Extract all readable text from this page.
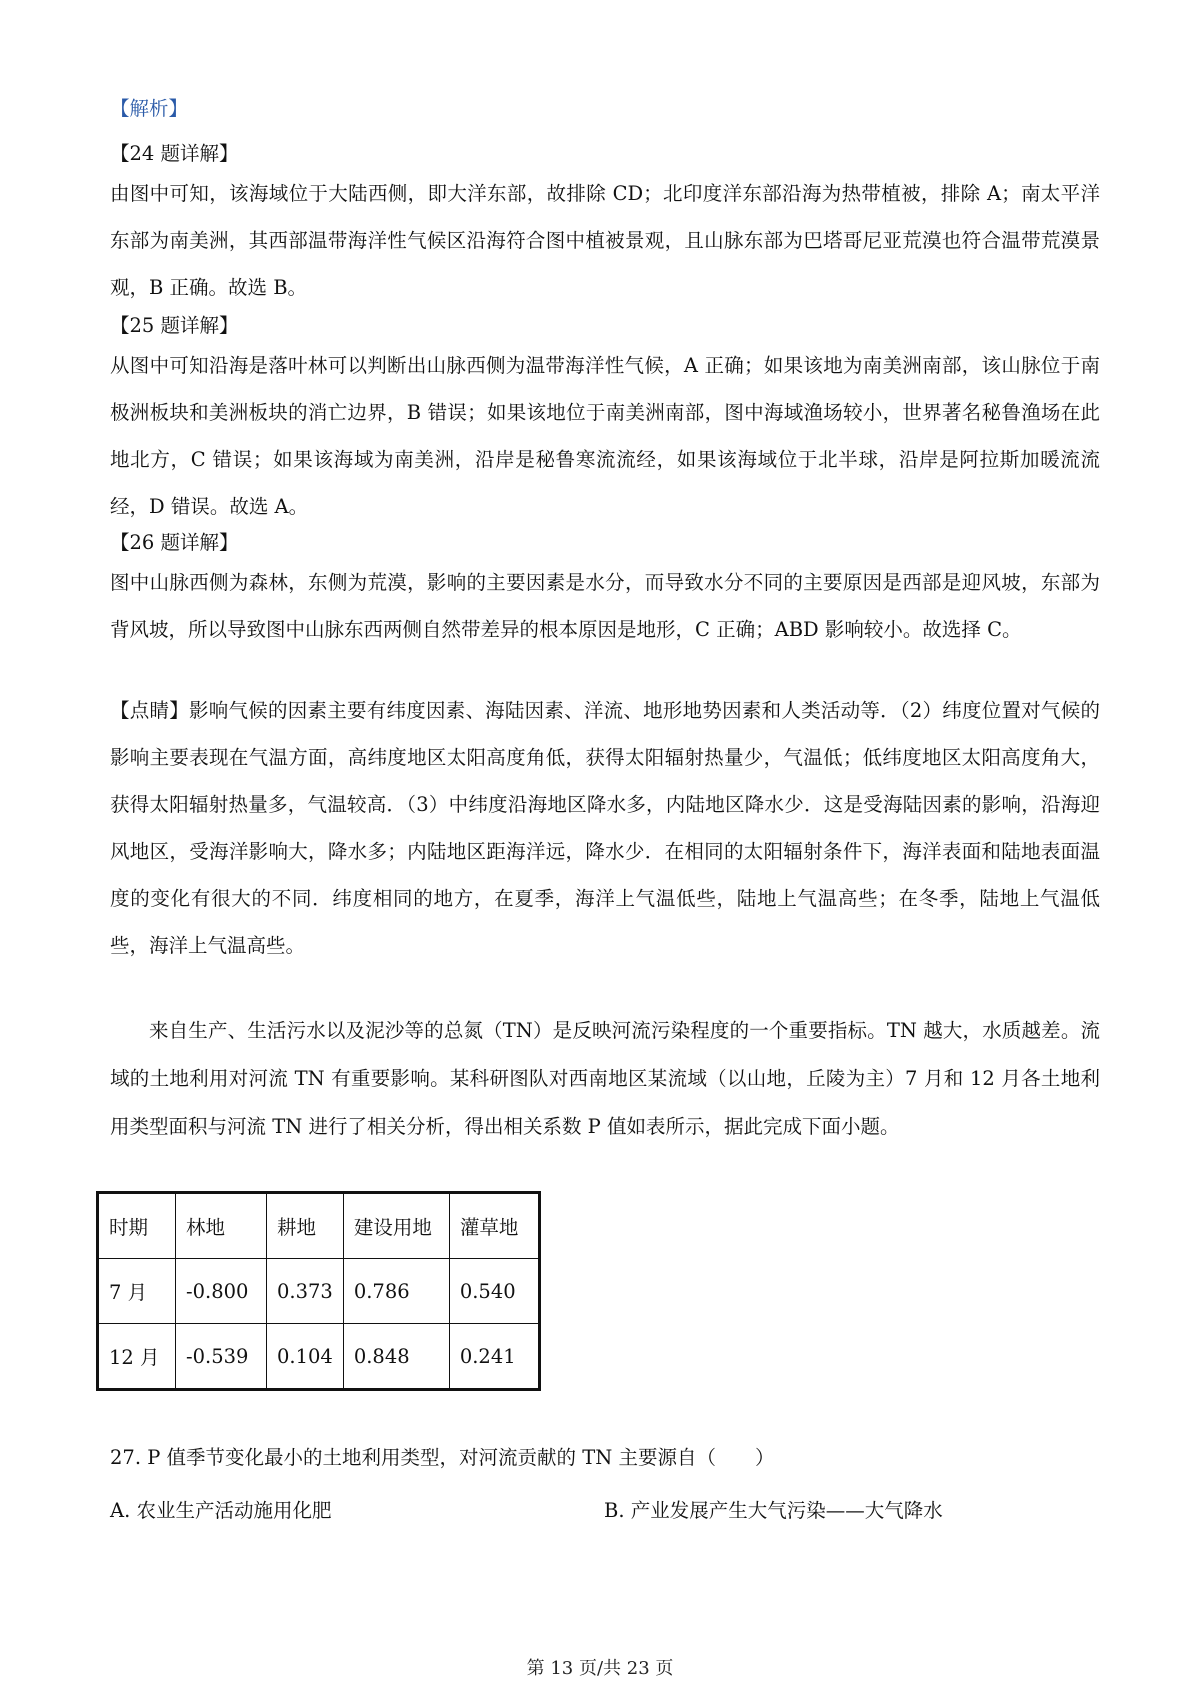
【解析】
【24 题详解】

由图中可知，该海域位于大陆西侧，即大洋东部，故排除 CD；北印度洋东部沿海为热带植被，排除 A；南太平洋东部为南美洲，其西部温带海洋性气候区沿海符合图中植被景观，且山脉东部为巴塔哥尼亚荒漠也符合温带荒漠景观，B 正确。故选 B。

【25 题详解】

从图中可知沿海是落叶林可以判断出山脉西侧为温带海洋性气候，A 正确；如果该地为南美洲南部，该山脉位于南极洲板块和美洲板块的消亡边界，B 错误；如果该地位于南美洲南部，图中海域渔场较小，世界著名秘鲁渔场在此地北方，C 错误；如果该海域为南美洲，沿岸是秘鲁寒流流经，如果该海域位于北半球，沿岸是阿拉斯加暖流流经，D 错误。故选 A。

【26 题详解】

图中山脉西侧为森林，东侧为荒漠，影响的主要因素是水分，而导致水分不同的主要原因是西部是迎风坡，东部为背风坡，所以导致图中山脉东西两侧自然带差异的根本原因是地形，C 正确；ABD 影响较小。故选择 C。

【点睛】影响气候的因素主要有纬度因素、海陆因素、洋流、地形地势因素和人类活动等．（2）纬度位置对气候的影响主要表现在气温方面，高纬度地区太阳高度角低，获得太阳辐射热量少，气温低；低纬度地区太阳高度角大，获得太阳辐射热量多，气温较高．（3）中纬度沿海地区降水多，内陆地区降水少．这是受海陆因素的影响，沿海迎风地区，受海洋影响大，降水多；内陆地区距海洋远，降水少．在相同的太阳辐射条件下，海洋表面和陆地表面温度的变化有很大的不同．纬度相同的地方，在夏季，海洋上气温低些，陆地上气温高些；在冬季，陆地上气温低些，海洋上气温高些。

来自生产、生活污水以及泥沙等的总氮（TN）是反映河流污染程度的一个重要指标。TN 越大，水质越差。流域的土地利用对河流 TN 有重要影响。某科研图队对西南地区某流域（以山地，丘陵为主）7 月和 12 月各土地利用类型面积与河流 TN 进行了相关分析，得出相关系数 P 值如表所示，据此完成下面小题。

时期	林地	耕地	建设用地	灌草地
7 月	-0.800	0.373	0.786	0.540
12 月	-0.539	0.104	0.848	0.241
27. P 值季节变化最小的土地利用类型，对河流贡献的 TN 主要源自（　　）
A. 农业生产活动施用化肥	B. 产业发展产生大气污染——大气降水
第 13 页/共 23 页
